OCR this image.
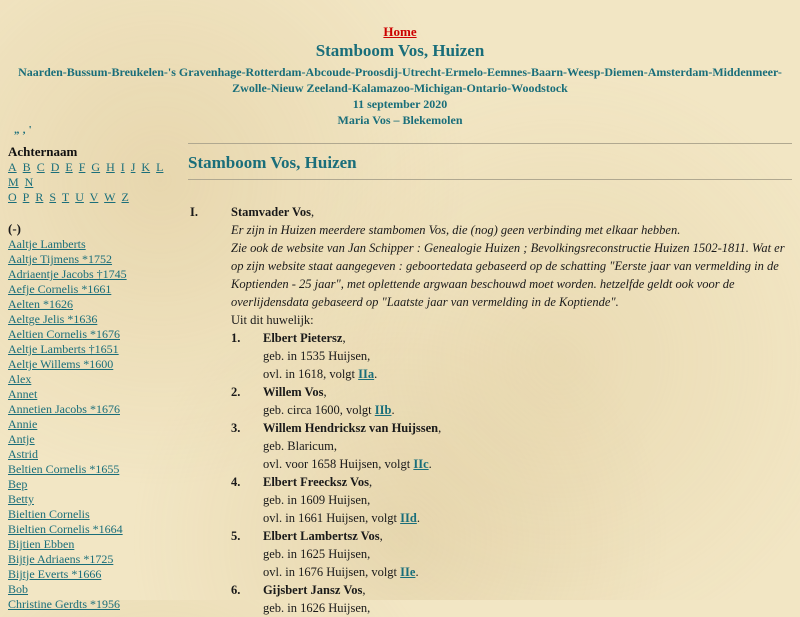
Home
Stamboom Vos, Huizen
Naarden-Bussum-Breukelen-'s Gravenhage-Rotterdam-Abcoude-Proosdij-Utrecht-Ermelo-Eemnes-Baarn-Weesp-Diemen-Amsterdam-Middenmeer-Zwolle-Nieuw Zeeland-Kalamazoo-Michigan-Ontario-Woodstock
11 september 2020
Maria Vos – Blekemolen
„ ‚ '
Achternaam
A B C D E F G H I J K L M N
O P R S T U V W Z
(-)
Aaltje Lamberts
Aaltje Tijmens *1752
Adriaentje Jacobs †1745
Aefje Cornelis *1661
Aelten *1626
Aeltge Jelis *1636
Aeltien Cornelis *1676
Aeltje Lamberts †1651
Aeltje Willems *1600
Alex
Annet
Annetien Jacobs *1676
Annie
Antje
Astrid
Beltien Cornelis *1655
Bep
Betty
Bieltien Cornelis
Bieltien Cornelis *1664
Bijtien Ebben
Bijtje Adriaens *1725
Bijtje Everts *1666
Bob
Christine Gerdts *1956
Stamboom Vos, Huizen
I.	Stamvader Vos,
Er zijn in Huizen meerdere stambomen Vos, die (nog) geen verbinding met elkaar hebben.
Zie ook de website van Jan Schipper : Genealogie Huizen ; Bevolkingsreconstructie Huizen 1502-1811. Wat er op zijn website staat aangegeven : geboortedata gebaseerd op de schatting "Eerste jaar van vermelding in de Koptienden - 25 jaar", met oplettende argwaan beschouwd moet worden. hetzelfde geldt ook voor de overlijdensdata gebaseerd op "Laatste jaar van vermelding in de Koptiende".
Uit dit huwelijk:
1. Elbert Pietersz,
geb. in 1535 Huijsen,
ovl. in 1618, volgt IIa.
2. Willem Vos,
geb. circa 1600, volgt IIb.
3. Willem Hendricksz van Huijssen,
geb. Blaricum,
ovl. voor 1658 Huijsen, volgt IIc.
4. Elbert Freecksz Vos,
geb. in 1609 Huijsen,
ovl. in 1661 Huijsen, volgt IId.
5. Elbert Lambertsz Vos,
geb. in 1625 Huijsen,
ovl. in 1676 Huijsen, volgt IIe.
6. Gijsbert Jansz Vos,
geb. in 1626 Huijsen,
